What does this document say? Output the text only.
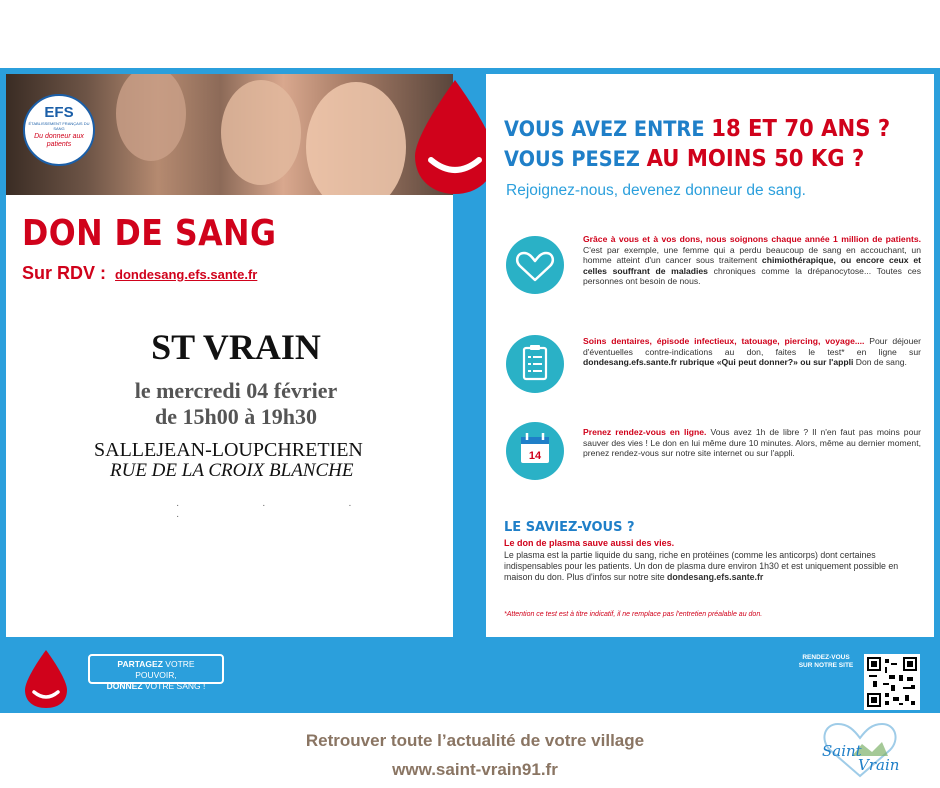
EFS
ÉTABLISSEMENT FRANÇAIS DU SANG
Du donneur aux patients
DON DE SANG
Sur RDV : dondesang.efs.sante.fr
ST VRAIN
le mercredi 04 février
de 15h00 à 19h30
SALLEJEAN-LOUPCHRETIEN
RUE DE LA CROIX BLANCHE
· · · ·
VOUS AVEZ ENTRE 18 ET 70 ANS ?
VOUS PESEZ AU MOINS 50 KG ?
Rejoignez-nous, devenez donneur de sang.
14
Grâce à vous et à vos dons, nous soignons chaque année 1 million de patients. C'est par exemple, une femme qui a perdu beaucoup de sang en accouchant, un homme atteint d'un cancer sous traitement chimiothérapique, ou encore ceux et celles souffrant de maladies chroniques comme la drépanocytose... Toutes ces personnes ont besoin de nous.
Soins dentaires, épisode infectieux, tatouage, piercing, voyage.... Pour déjouer d'éventuelles contre-indications au don, faites le test* en ligne sur dondesang.efs.sante.fr rubrique «Qui peut donner?» ou sur l'appli Don de sang.
Prenez rendez-vous en ligne. Vous avez 1h de libre ? Il n'en faut pas moins pour sauver des vies ! Le don en lui même dure 10 minutes. Alors, même au dernier moment, prenez rendez-vous sur notre site internet ou sur l'appli.
LE SAVIEZ-VOUS ?
Le don de plasma sauve aussi des vies.
Le plasma est la partie liquide du sang, riche en protéines (comme les anticorps) dont certaines indispensables pour les patients. Un don de plasma dure environ 1h30 et est uniquement possible en maison du don. Plus d'infos sur notre site dondesang.efs.sante.fr
*Attention ce test est à titre indicatif, il ne remplace pas l'entretien préalable au don.
PARTAGEZ VOTRE POUVOIR,
DONNEZ VOTRE SANG !
RENDEZ-VOUS SUR NOTRE SITE
Retrouver toute l’actualité de votre village
www.saint-vrain91.fr
Saint
Vrain
